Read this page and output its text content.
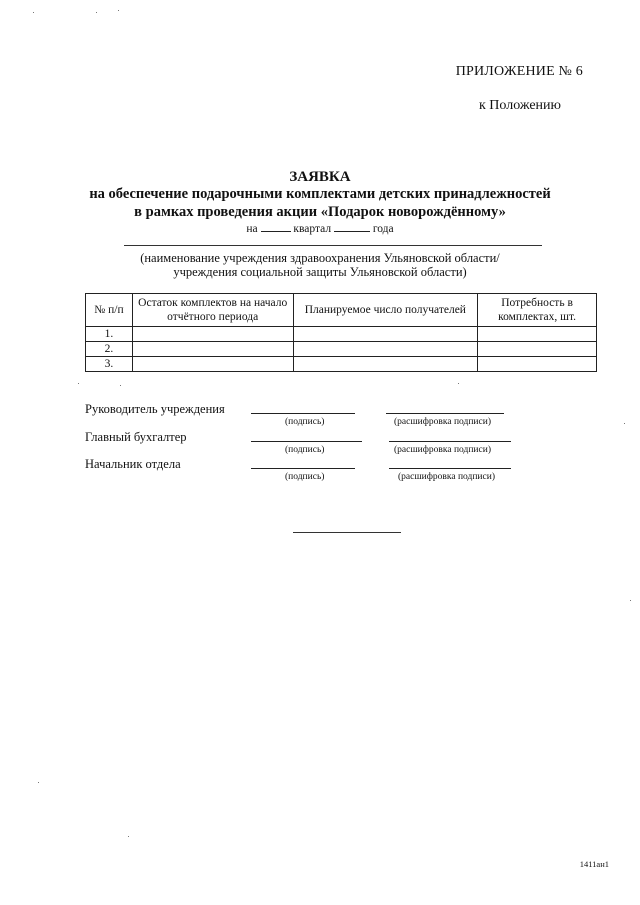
ПРИЛОЖЕНИЕ № 6
к Положению
ЗАЯВКА
на обеспечение подарочными комплектами детских принадлежностей
в рамках проведения акции «Подарок новорождённому»
на	квартал	года
(наименование учреждения здравоохранения Ульяновской области/
учреждения социальной защиты Ульяновской области)
№ п/п	Остаток комплектов на начало отчётного периода	Планируемое число получателей	Потребность в комплектах, шт.
1.			
2.			
3.			
Руководитель учреждения
(подпись)	(расшифровка подписи)
Главный бухгалтер
(подпись)	(расшифровка подписи)
Начальник отдела
(подпись)	(расшифровка подписи)
1411ан1
